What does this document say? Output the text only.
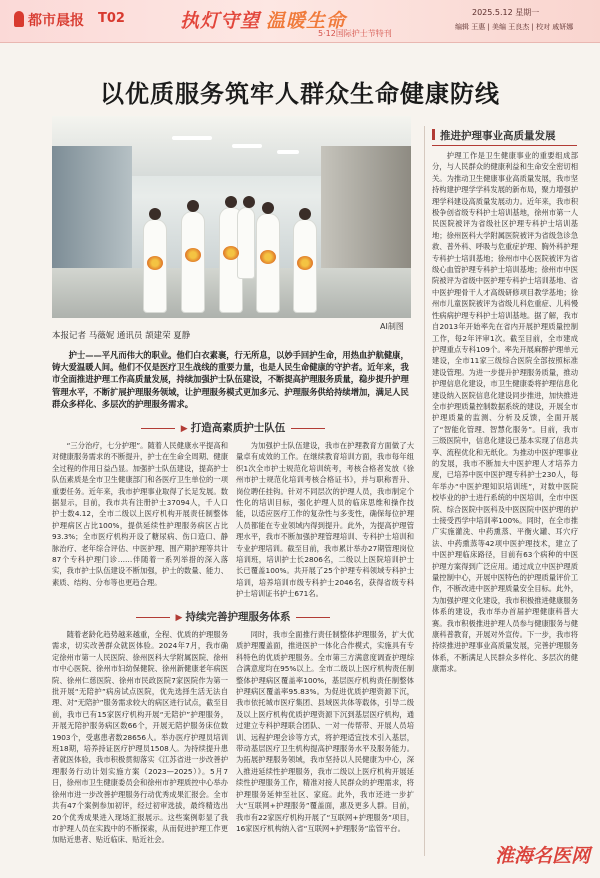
都市晨报 T02	执灯守望 温暖生命
5·12国际护士节特刊
2025.5.12 星期一
编辑 王惠 | 美编 王良杰 | 校对 戚妍娜
以优质服务筑牢人群众生命健康防线
AI制图
本报记者 马薇妮 通讯员 颉建荣 夏静

护士——平凡而伟大的职业。他们白衣素裹，行无所息，以妙手回护生命，用热血护航健康，铸大爱温暖人间。他们不仅是医疗卫生战线的重要力量，也是人民生命健康的守护者。近年来，我市全面推进护理工作高质量发展，持续加强护士队伍建设，不断提高护理服务质量，稳步提升护理管理水平，不断扩展护理服务领域，让护理服务模式更加多元、护理服务供给持续增加，满足人民群众多样化、多层次的护理服务需求。

▶ 打造高素质护士队伍

“三分治疗，七分护理”。随着人民健康水平提高和对健康服务需求的不断提升，护士在生命全周期、健康全过程的作用日益凸显。加强护士队伍建设，提高护士队伍素质是全市卫生健康部门和各医疗卫生单位的一项重要任务。近年来，我市护理事业取得了长足发展。数据显示，目前，我市共有注册护士37094人，千人口护士数4.12，全市二级以上医疗机构开展责任制整体护理病区占比100%，提供延续性护理服务病区占比93.3%；全市医疗机构开设了糖尿病、伤口造口、静脉治疗、老年综合评估、中医护理、围产期护理等共计87个专科护理门诊……伴随着一系列举措的深入落实，我市护士队伍建设不断加强，护士的数量、能力、素质、结构、分布等也更趋合理。

为加强护士队伍建设，我市在护理教育方面做了大量卓有成效的工作。在继续教育培训方面，我市每年组织1次全市护士规范化培训统考，考核合格者发放《徐州市护士规范化培训考核合格证书》，并与职称晋升、岗位聘任挂钩。针对不同层次的护理人员，我市制定个性化的培训目标，强化护理人员的临床思维和操作技能，以适应医疗工作的复杂性与多变性，确保每位护理人员都能在专业领域内得到提升。此外，为提高护理管理水平，我市不断加强护理管理培训、专科护士培训和专业护理培训。截至目前，我市累计举办27期管理岗位培训班，培训护士长2806名，二级以上医院培训护士长已覆盖100%。共开展了25个护理专科领域专科护士培训，培养培训市级专科护士2046名，获得省级专科护士培训证书护士671名。

▶ 持续完善护理服务体系

随着老龄化趋势越来越重，全程、优质的护理服务需求，切实改善群众就医体验。2024年7月，我市确定徐州市第一人民医院、徐州医科大学附属医院、徐州市中心医院、徐州市妇幼保健院、徐州新健康老年病医院、徐州仁慈医院、徐州市民政医院7家医院作为第一批开展“无陪护”病房试点医院，优先选择生活无法自理、对“无陪护”服务需求较大的病区进行试点，截至目前，我市已有15家医疗机构开展“无陪护”护理服务，开展无陪护服务病区数66个，开展无陪护服务床位数1903个，受惠患者数28656人。举办医疗护理员培训班18期，培养持证医疗护理员1508人。为持续提升患者就医体验，我市积极贯彻落实《江苏省进一步改善护理服务行动计划实施方案（2023—2025）》。5月7日，徐州市卫生健康委员会和徐州市护理质控中心举办徐州市进一步改善护理服务行动优秀成果汇报会。全市共有47个案例参加初评，经过初审选拔，最终精选出20个优秀成果进入现场汇报展示。这些案例彰显了我市护理人员在实践中的不断探索，从而促进护理工作更加贴近患者、贴近临床、贴近社会。

同时，我市全面推行责任制整体护理服务，扩大优质护理覆盖面，推进医护一体化合作模式，实施具有专科特色的优质护理服务。全市第三方满意度调查护理综合满意度均在95%以上。全市二级以上医疗机构责任制整体护理病区覆盖率100%，基层医疗机构责任制整体护理病区覆盖率95.83%。为促进优质护理资源下沉，我市依托城市医疗集团、县域医共体等载体，引导二级及以上医疗机构优质护理资源下沉到基层医疗机构，通过建立专科护理联合团队、一对一传帮带、开展人员培训、远程护理会诊等方式，将护理适宜技术引入基层，带动基层医疗卫生机构提高护理服务水平及服务能力。为拓展护理服务领域，我市坚持以人民健康为中心，深入推进延续性护理服务，我市二级以上医疗机构开展延续性护理服务工作，精准对接人民群众的护理需求，将护理服务延伸至社区、家庭。此外，我市还进一步扩大“互联网+护理服务”覆盖面，惠及更多人群。目前，我市有22家医疗机构开展了“互联网+护理服务”项目，16家医疗机构纳入省“互联网+护理服务”监管平台。

推进护理事业高质量发展

护理工作是卫生健康事业的重要组成部分，与人民群众的健康利益和生命安全密切相关。为推动卫生健康事业高质量发展，我市坚持构建护理学学科发展的新布局，聚力增强护理学科建设高质量发展动力。近年来，我市积极争创省级专科护士培训基地，徐州市第一人民医院被评为省级社区护理专科护士培训基地；徐州医科大学附属医院被评为省级急诊急救、普外科、呼吸与危重症护理、胸外科护理专科护士培训基地；徐州市中心医院被评为省级心血管护理专科护士培训基地；徐州市中医院被评为省级中医护理专科护士培训基地、省中医护理骨干人才高级研修项目教学基地；徐州市儿童医院被评为省级儿科危重症、儿科慢性病病护理专科护士培训基地。据了解，我市自2013年开始率先在省内开展护理质量控制工作，每2年评审1次。截至目前，全市建成护理重点专科109个。率先开展麻醉护理单元建设，全市11家三级综合医院全部按照标准建设管理。为进一步提升护理服务质量，推动护理信息化建设，市卫生健康委将护理信息化建设纳入医院信息化建设同步推进，加快推进全市护理质量控制数据系统的建设，开展全市护理质量的监测、分析及反馈，全面开展了“智能化管理、智慧化服务”。目前，我市三级医院中，信息化建设已基本实现了信息共享、流程优化和无纸化。为推动中医护理事业的发展，我市不断加大中医护理人才培养力度，已培养中医中医护理专科护士230人，每年举办“中医护理知识培训班”，对数中医院校毕业的护士进行系统的中医培训，全市中医院、综合医院中医科及中医医院中医护理的护士接受西学中培训率100%。同时，在全市推广实施灌洗、中药熏蒸、平衡火罐、耳穴疗法、中药熏蒸等42项中医护理技术，建立了中医护理临床路径，目前有63个病种的中医护理方案得到广泛应用。通过成立中医护理质量控制中心，开展中医特色的护理质量评价工作，不断改进中医护理质量安全目标。此外，为加强护理文化建设，我市积极推进健康服务体系的建设，我市举办首届护理健康科普大赛。我市积极推进护理人员参与健康服务与健康科普教育，开展对外宣传。下一步，我市将持续推进护理事业高质量发展，完善护理服务体系，不断满足人民群众多样化、多层次的健康需求。

淮海名医网
